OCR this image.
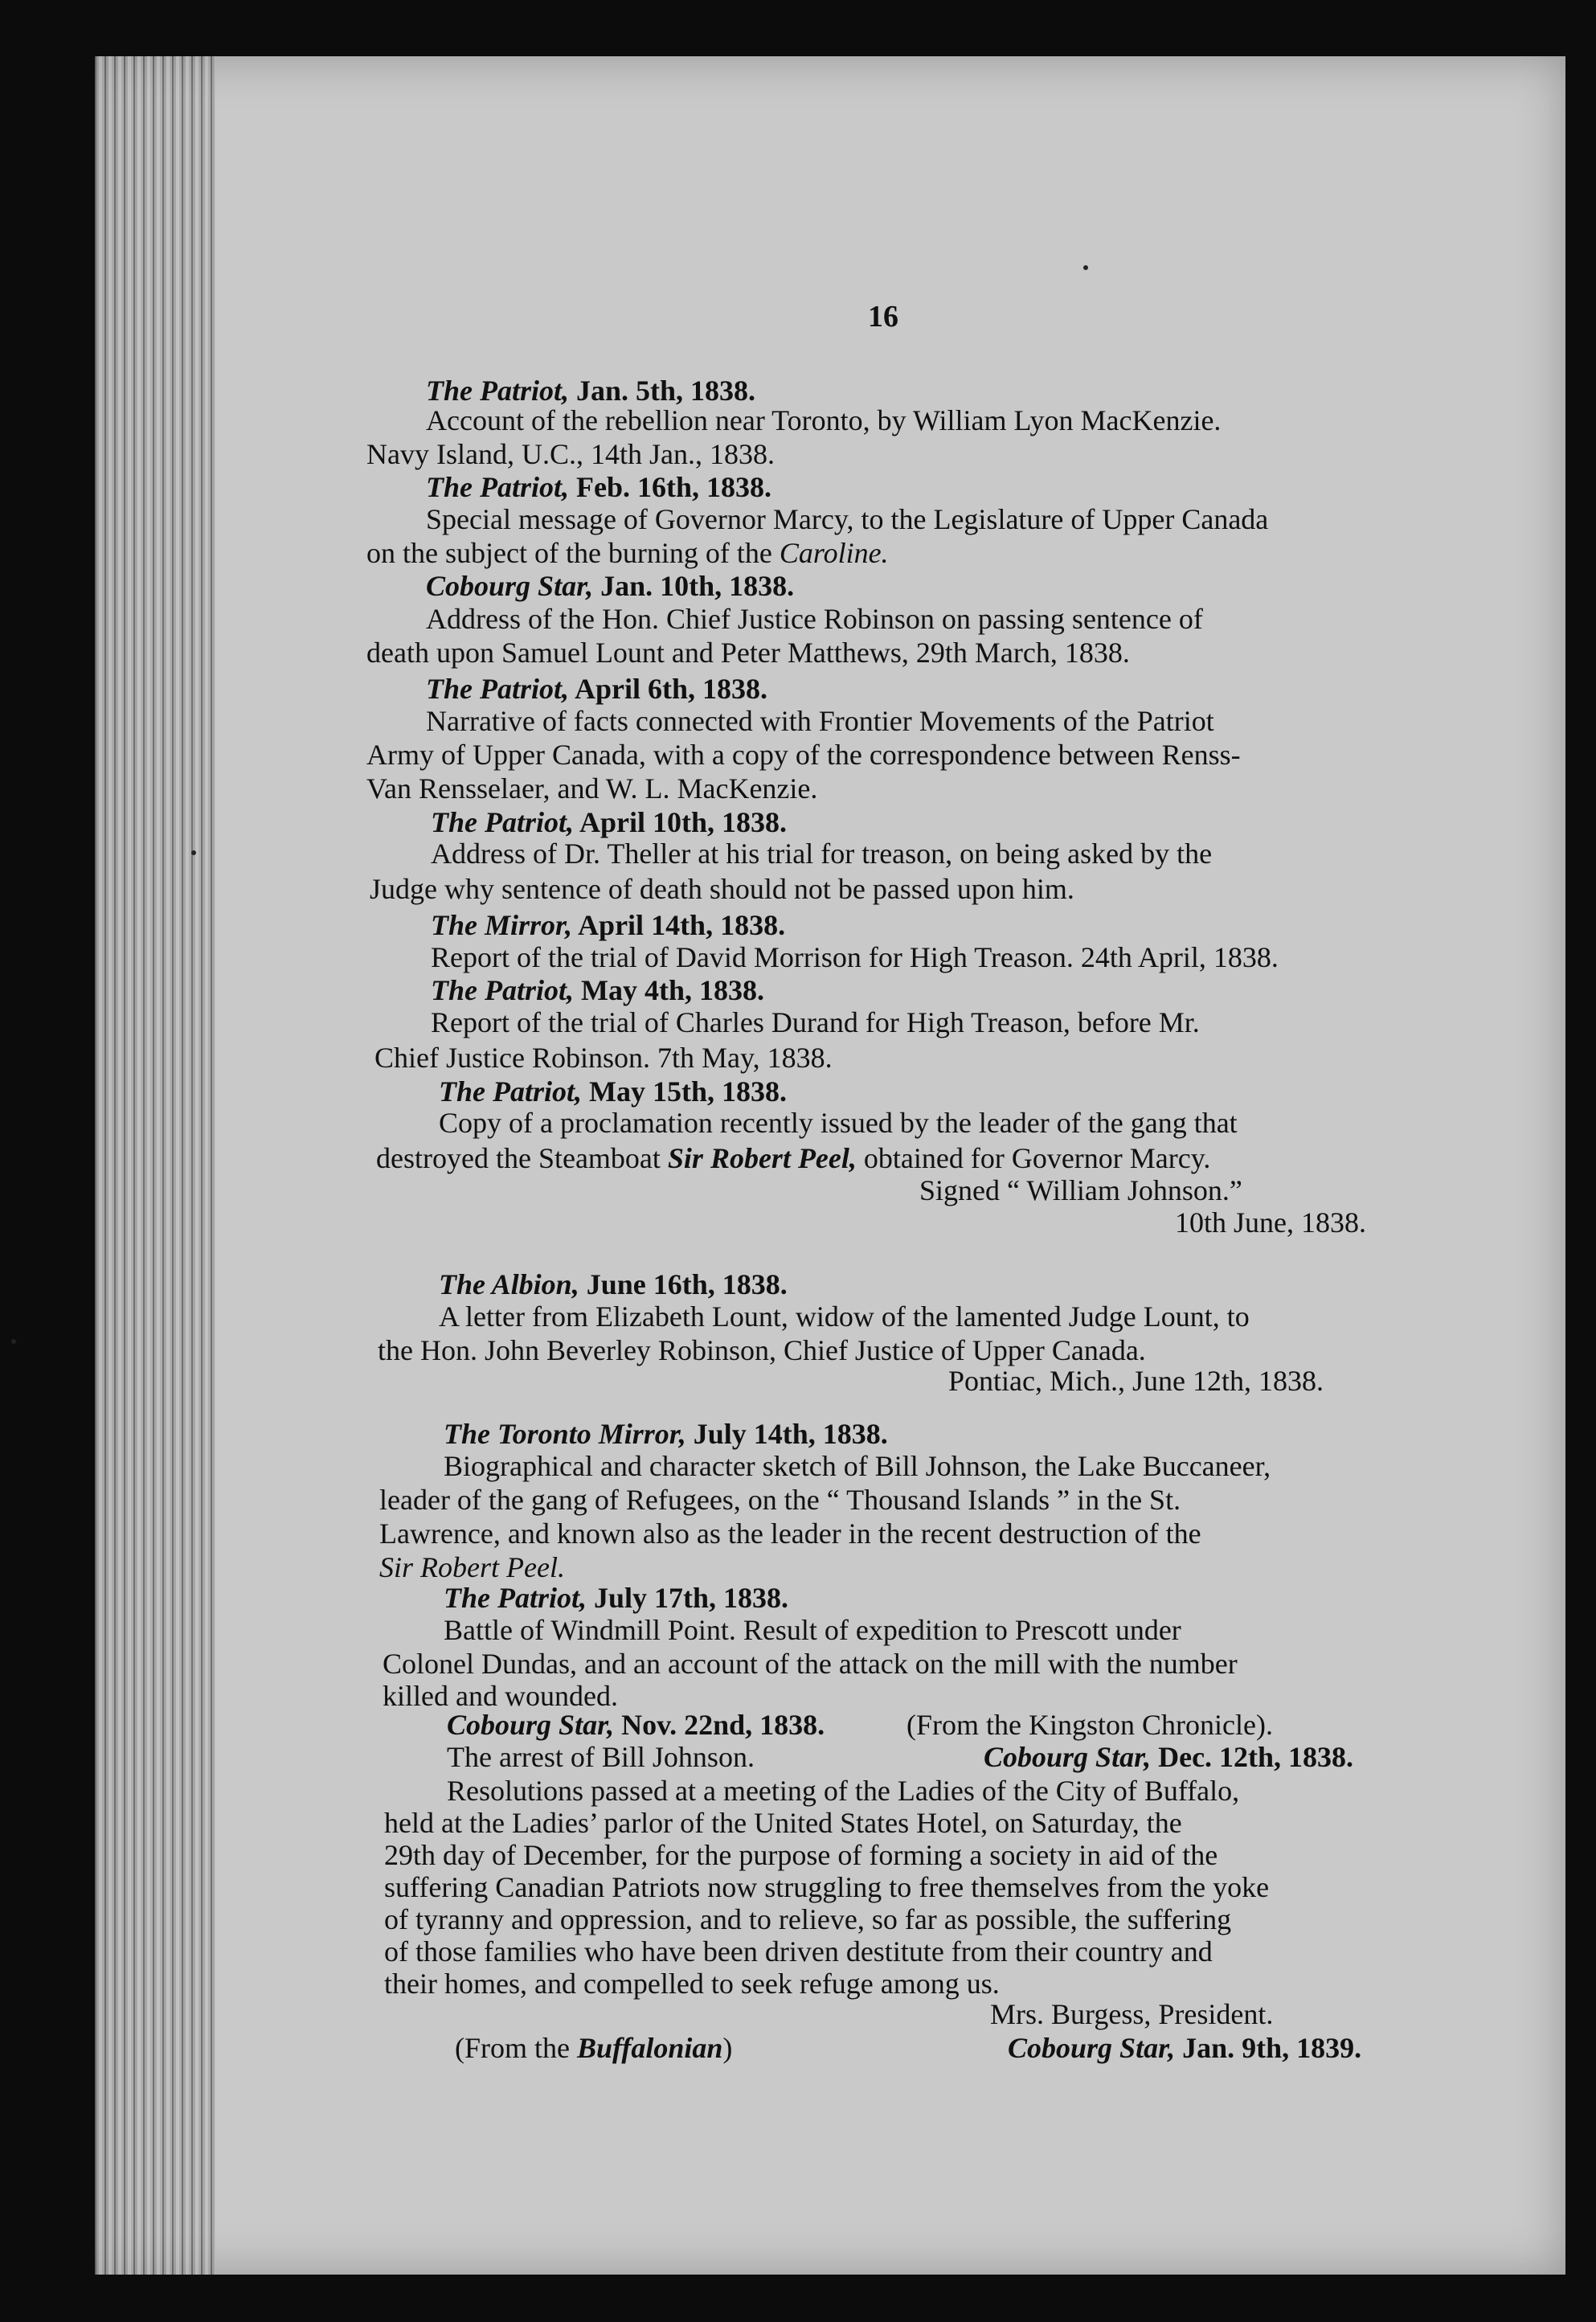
16
The Patriot, Jan. 5th, 1838.
Account of the rebellion near Toronto, by William Lyon MacKenzie.
Navy Island, U.C., 14th Jan., 1838.
The Patriot, Feb. 16th, 1838.
Special message of Governor Marcy, to the Legislature of Upper Canada
on the subject of the burning of the Caroline.
Cobourg Star, Jan. 10th, 1838.
Address of the Hon. Chief Justice Robinson on passing sentence of
death upon Samuel Lount and Peter Matthews, 29th March, 1838.
The Patriot, April 6th, 1838.
Narrative of facts connected with Frontier Movements of the Patriot
Army of Upper Canada, with a copy of the correspondence between Renss-
Van Rensselaer, and W. L. MacKenzie.
The Patriot, April 10th, 1838.
Address of Dr. Theller at his trial for treason, on being asked by the
Judge why sentence of death should not be passed upon him.
The Mirror, April 14th, 1838.
Report of the trial of David Morrison for High Treason. 24th April, 1838.
The Patriot, May 4th, 1838.
Report of the trial of Charles Durand for High Treason, before Mr.
Chief Justice Robinson. 7th May, 1838.
The Patriot, May 15th, 1838.
Copy of a proclamation recently issued by the leader of the gang that
destroyed the Steamboat Sir Robert Peel, obtained for Governor Marcy.
Signed “ William Johnson.”
10th June, 1838.
The Albion, June 16th, 1838.
A letter from Elizabeth Lount, widow of the lamented Judge Lount, to
the Hon. John Beverley Robinson, Chief Justice of Upper Canada.
Pontiac, Mich., June 12th, 1838.
The Toronto Mirror, July 14th, 1838.
Biographical and character sketch of Bill Johnson, the Lake Buccaneer,
leader of the gang of Refugees, on the “ Thousand Islands ” in the St.
Lawrence, and known also as the leader in the recent destruction of the
Sir Robert Peel.
The Patriot, July 17th, 1838.
Battle of Windmill Point. Result of expedition to Prescott under
Colonel Dundas, and an account of the attack on the mill with the number
killed and wounded.
Cobourg Star, Nov. 22nd, 1838.	(From the Kingston Chronicle).
The arrest of Bill Johnson.	Cobourg Star, Dec. 12th, 1838.
Resolutions passed at a meeting of the Ladies of the City of Buffalo,
held at the Ladies’ parlor of the United States Hotel, on Saturday, the
29th day of December, for the purpose of forming a society in aid of the
suffering Canadian Patriots now struggling to free themselves from the yoke
of tyranny and oppression, and to relieve, so far as possible, the suffering
of those families who have been driven destitute from their country and
their homes, and compelled to seek refuge among us.
Mrs. Burgess, President.
(From the Buffalonian)	Cobourg Star, Jan. 9th, 1839.
